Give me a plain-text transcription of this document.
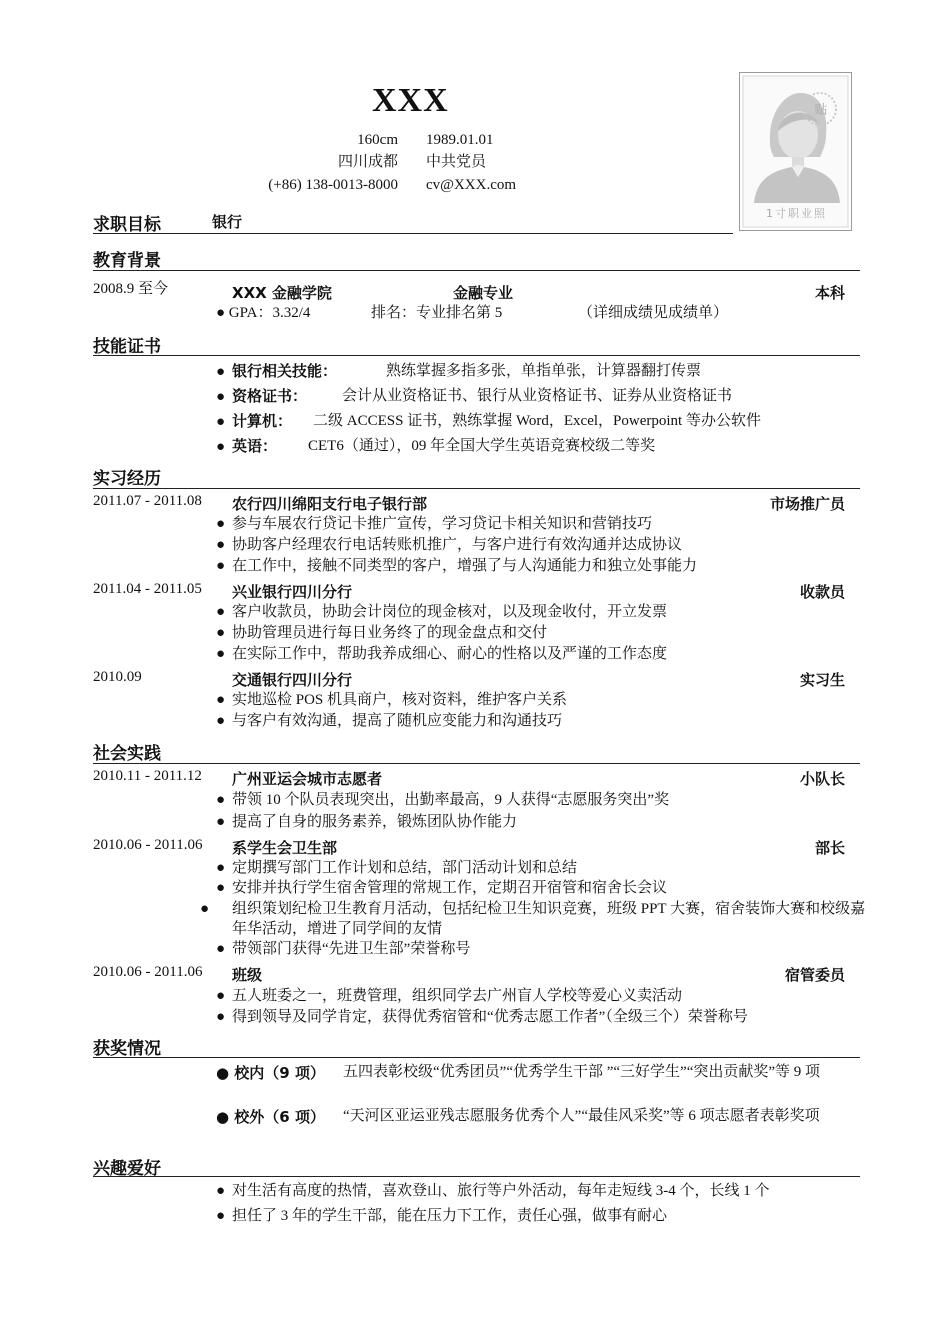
XXX
160cm 1989.01.01
四川成都 中共党员
(+86) 138-0013-8000 cv@XXX.com
贴
1寸职业照
求职目标	银行
教育背景
2008.9 至今	XXX 金融学院	金融专业	本科
● GPA：3.32/4	排名：专业排名第 5	（详细成绩见成绩单）
技能证书
● 银行相关技能：	熟练掌握多指多张，单指单张，计算器翻打传票
● 资格证书： 会计从业资格证书、银行从业资格证书、证券从业资格证书
● 计算机： 二级 ACCESS 证书，熟练掌握 Word，Excel，Powerpoint 等办公软件
● 英语： CET6（通过），09 年全国大学生英语竞赛校级二等奖
实习经历
2011.07 - 2011.08 农行四川绵阳支行电子银行部	市场推广员
● 参与车展农行贷记卡推广宣传，学习贷记卡相关知识和营销技巧
● 协助客户经理农行电话转账机推广，与客户进行有效沟通并达成协议
● 在工作中，接触不同类型的客户，增强了与人沟通能力和独立处事能力
2011.04 - 2011.05 兴业银行四川分行	收款员
● 客户收款员，协助会计岗位的现金核对，以及现金收付，开立发票
● 协助管理员进行每日业务终了的现金盘点和交付
● 在实际工作中，帮助我养成细心、耐心的性格以及严谨的工作态度
2010.09	交通银行四川分行	实习生
● 实地巡检 POS 机具商户，核对资料，维护客户关系
● 与客户有效沟通，提高了随机应变能力和沟通技巧
社会实践
2010.11 - 2011.12 广州亚运会城市志愿者	小队长
● 带领 10 个队员表现突出，出勤率最高，9 人获得“志愿服务突出”奖
● 提高了自身的服务素养，锻炼团队协作能力
2010.06 - 2011.06 系学生会卫生部	部长
● 定期撰写部门工作计划和总结，部门活动计划和总结
● 安排并执行学生宿舍管理的常规工作，定期召开宿管和宿舍长会议
● 组织策划纪检卫生教育月活动，包括纪检卫生知识竞赛，班级 PPT 大赛，宿舍装饰大赛和校级嘉年华活动，增进了同学间的友情
● 带领部门获得“先进卫生部”荣誉称号
2010.06 - 2011.06 班级	宿管委员
● 五人班委之一，班费管理，组织同学去广州盲人学校等爱心义卖活动
● 得到领导及同学肯定，获得优秀宿管和“优秀志愿工作者”（全级三个）荣誉称号
获奖情况
● 校内（9 项） 五四表彰校级“优秀团员”“优秀学生干部 ”“三好学生”“突出贡献奖”等 9 项
● 校外（6 项） “天河区亚运亚残志愿服务优秀个人”“最佳风采奖”等 6 项志愿者表彰奖项
兴趣爱好
● 对生活有高度的热情，喜欢登山、旅行等户外活动，每年走短线 3-4 个，长线 1 个
● 担任了 3 年的学生干部，能在压力下工作，责任心强，做事有耐心
